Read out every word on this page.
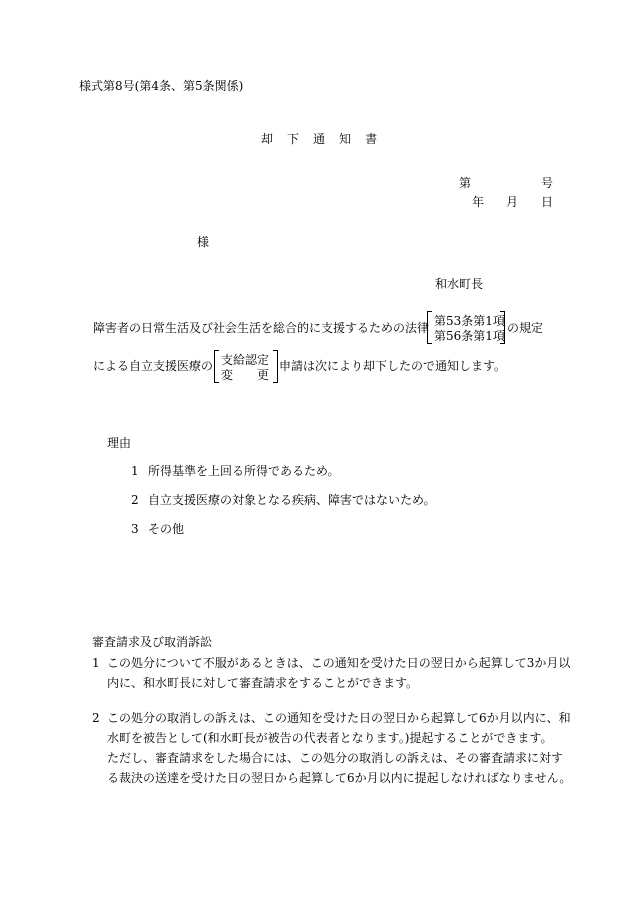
様式第8号(第4条、第5条関係)
却 下 通 知 書
第	号
年 月 日
様
和水町長
障害者の日常生活及び社会生活を総合的に支援するための法律 第53条第1項
第56条第1項
の規定
による自立支援医療の 支給認定
変　　更
申請は次により却下したので通知します。
理由
1 所得基準を上回る所得であるため。
2 自立支援医療の対象となる疾病、障害ではないため。
3 その他
審査請求及び取消訴訟
1 この処分について不服があるときは、この通知を受けた日の翌日から起算して3か月以
内に、和水町長に対して審査請求をすることができます。
2 この処分の取消しの訴えは、この通知を受けた日の翌日から起算して6か月以内に、和
水町を被告として(和水町長が被告の代表者となります。)提起することができます。
ただし、審査請求をした場合には、この処分の取消しの訴えは、その審査請求に対す
る裁決の送達を受けた日の翌日から起算して6か月以内に提起しなければなりません。
